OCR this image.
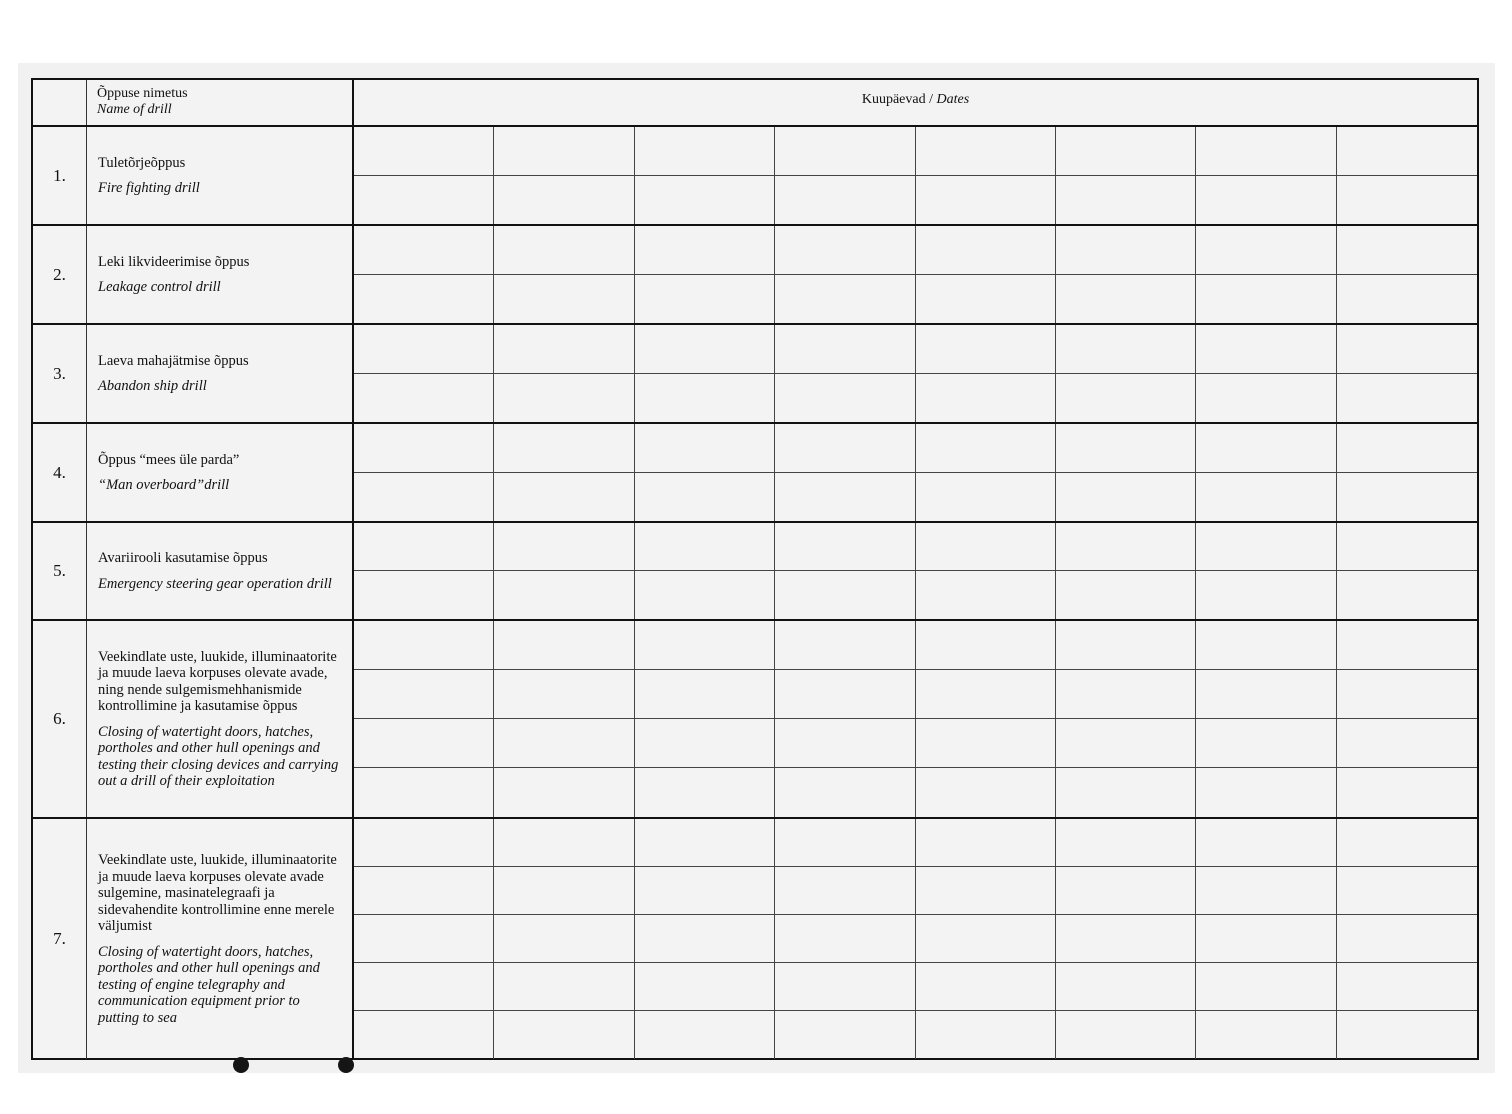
Õppuse nimetus
Name of drill
Kuupäevad / Dates
1.
Tuletõrjeõppus
Fire fighting drill
2.
Leki likvideerimise õppus
Leakage control drill
3.
Laeva mahajätmise õppus
Abandon ship drill
4.
Õppus “mees üle parda”
“Man overboard”drill
5.
Avariirooli kasutamise õppus
Emergency steering gear operation drill
6.
Veekindlate uste, luukide, illuminaatorite ja muude laeva korpuses olevate avade, ning nende sulgemismehhanismide kontrollimine ja kasutamise õppus
Closing of watertight doors, hatches, portholes and other hull openings and testing their closing devices and carrying out a drill of their exploitation
7.
Veekindlate uste, luukide, illuminaatorite ja muude laeva korpuses olevate avade sulgemine, masinatelegraafi ja sidevahendite kontrollimine enne merele väljumist
Closing of watertight doors, hatches, portholes and other hull openings and testing of engine telegraphy and communication equipment prior to putting to sea
